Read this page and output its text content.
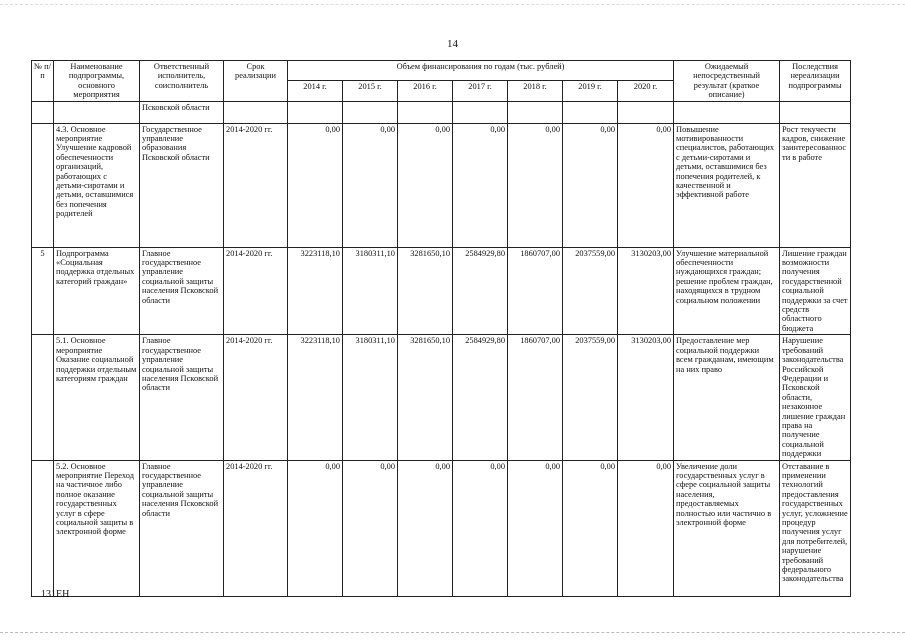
14
№ п/п	Наименование подпрограммы, основного мероприятия	Ответственный исполнитель, соисполнитель	Срок реализации	Объем финансирования по годам (тыс. рублей)							Ожидаемый непосредственный результат (краткое описание)	Последствия нереализации подпрограммы
				2014 г.	2015 г.	2016 г.	2017 г.	2018 г.	2019 г.	2020 г.		
		Псковской области										
	4.3. Основное мероприятие Улучшение кадровой обеспеченности организаций, работающих с детьми-сиротами и детьми, оставшимися без попечения родителей	Государственное управление образования Псковской области	2014-2020 гг.	0,00	0,00	0,00	0,00	0,00	0,00	0,00	Повышение мотивированности специалистов, работающих с детьми-сиротами и детьми, оставшимися без попечения родителей, к качественной и эффективной работе	Рост текучести кадров, снижение заинтересованности в работе
5	Подпрограмма «Социальная поддержка отдельных категорий граждан»	Главное государственное управление социальной защиты населения Псковской области	2014-2020 гг.	3223118,10	3180311,10	3281650,10	2584929,80	1860707,00	2037559,00	3130203,00	Улучшение материальной обеспеченности нуждающихся граждан; решение проблем граждан, находящихся в трудном социальном положении	Лишение граждан возможности получения государственной социальной поддержки за счет средств областного бюджета
	5.1. Основное мероприятие Оказание социальной поддержки отдельным категориям граждан	Главное государственное управление социальной защиты населения Псковской области	2014-2020 гг.	3223118,10	3180311,10	3281650,10	2584929,80	1860707,00	2037559,00	3130203,00	Предоставление мер социальной поддержки всем гражданам, имеющим на них право	Нарушение требований законодательства Российской Федерации и Псковской области, незаконное лишение граждан права на получение социальной поддержки
	5.2. Основное мероприятие Переход на частичное либо полное оказание государственных услуг в сфере социальной защиты в электронной форме	Главное государственное управление социальной защиты населения Псковской области	2014-2020 гг.	0,00	0,00	0,00	0,00	0,00	0,00	0,00	Увеличение доли государственных услуг в сфере социальной защиты населения, предоставляемых полностью или частично в электронной форме	Отставание в применении технологий предоставления государственных услуг, усложнение процедур получения услуг для потребителей, нарушение требований федерального законодательства
131ЕН
